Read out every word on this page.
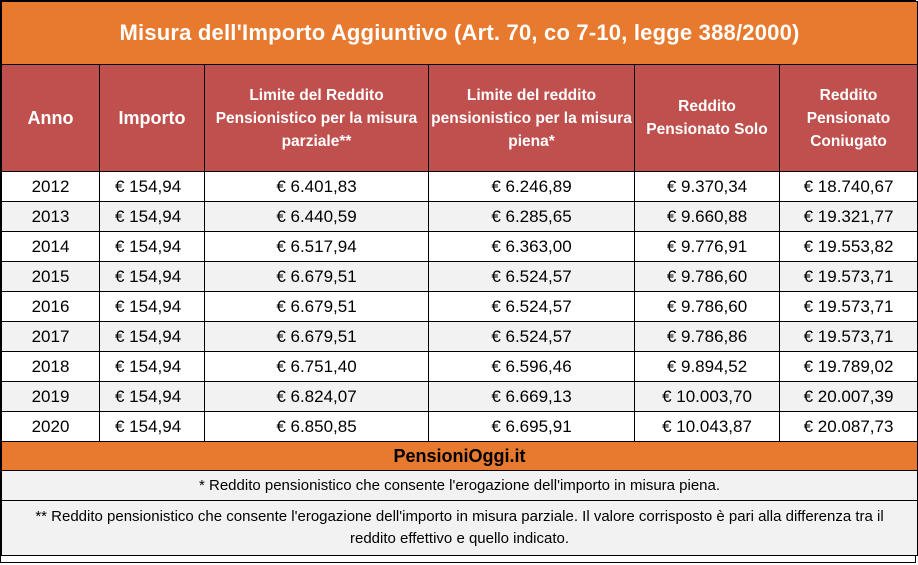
Misura dell'Importo Aggiuntivo (Art. 70, co 7-10, legge 388/2000)					
Anno	Importo	Limite del Reddito Pensionistico per la misura parziale**	Limite del reddito pensionistico per la misura piena*	Reddito Pensionato Solo	Reddito Pensionato Coniugato
2012	€ 154,94	€ 6.401,83	€ 6.246,89	€ 9.370,34	€ 18.740,67
2013	€ 154,94	€ 6.440,59	€ 6.285,65	€ 9.660,88	€ 19.321,77
2014	€ 154,94	€ 6.517,94	€ 6.363,00	€ 9.776,91	€ 19.553,82
2015	€ 154,94	€ 6.679,51	€ 6.524,57	€ 9.786,60	€ 19.573,71
2016	€ 154,94	€ 6.679,51	€ 6.524,57	€ 9.786,60	€ 19.573,71
2017	€ 154,94	€ 6.679,51	€ 6.524,57	€ 9.786,86	€ 19.573,71
2018	€ 154,94	€ 6.751,40	€ 6.596,46	€ 9.894,52	€ 19.789,02
2019	€ 154,94	€ 6.824,07	€ 6.669,13	€ 10.003,70	€ 20.007,39
2020	€ 154,94	€ 6.850,85	€ 6.695,91	€ 10.043,87	€ 20.087,73
PensioniOggi.it					
* Reddito pensionistico che consente l'erogazione dell'importo in misura piena.					
** Reddito pensionistico che consente l'erogazione dell'importo in misura parziale. Il valore corrisposto è pari alla differenza tra il reddito effettivo e quello indicato.					
